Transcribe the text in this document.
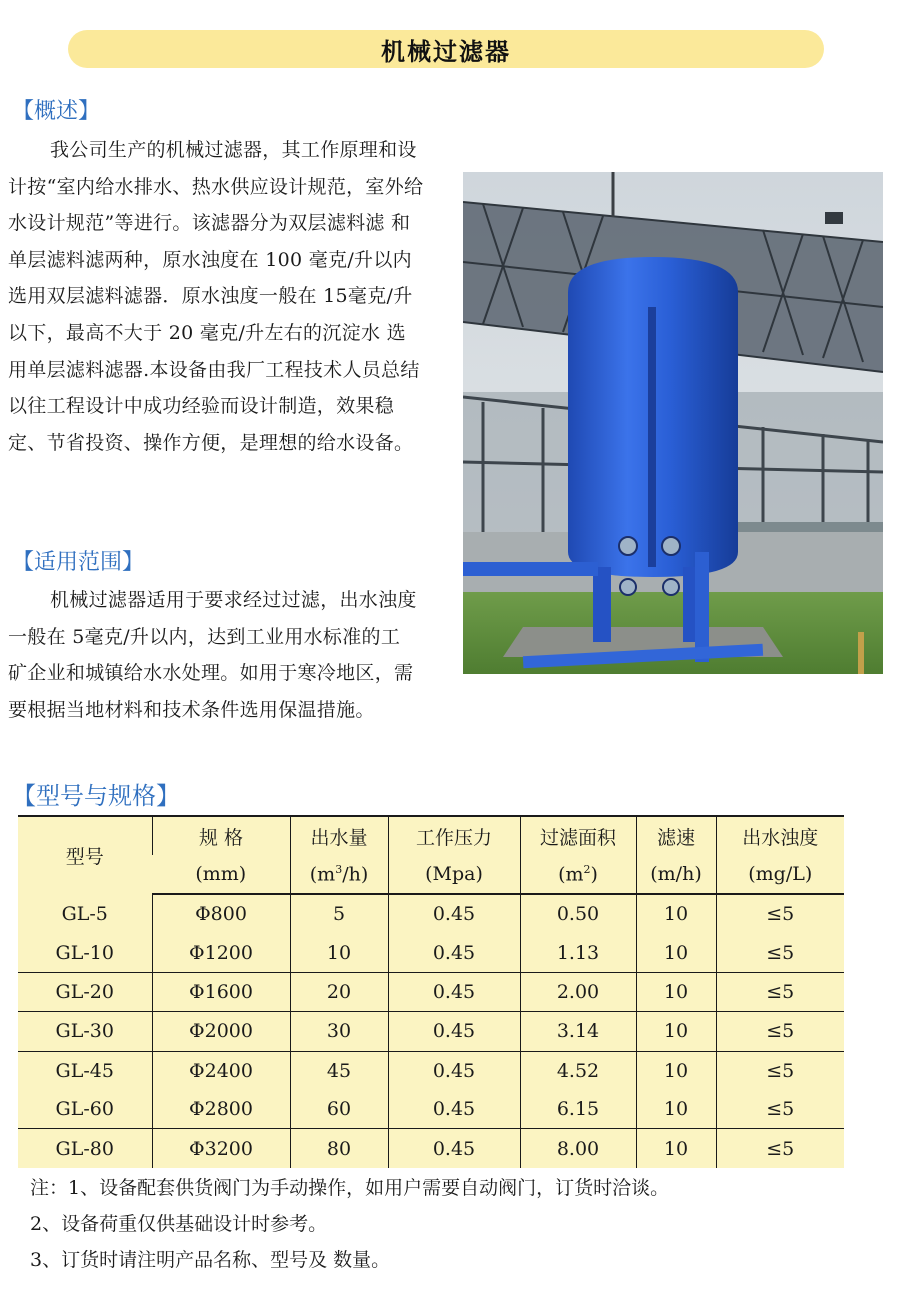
机械过滤器
【概述】

我公司生产的机械过滤器，其工作原理和设计按“室内给水排水、热水供应设计规范，室外给水设计规范”等进行。该滤器分为双层滤料滤 和单层滤料滤两种，原水浊度在 100 毫克/升以内选用双层滤料滤器．原水浊度一般在 15毫克/升以下，最高不大于 20 毫克/升左右的沉淀水 选用单层滤料滤器.本设备由我厂工程技术人员总结以往工程设计中成功经验而设计制造，效果稳定、节省投资、操作方便，是理想的给水设备。

【适用范围】

机械过滤器适用于要求经过过滤，出水浊度一般在 5毫克/升以内，达到工业用水标准的工矿企业和城镇给水水处理。如用于寒冷地区，需要根据当地材料和技术条件选用保温措施。

【型号与规格】
型号	规 格	出水量	工作压力	过滤面积	滤速	出水浊度
	(mm)	$(m^3/h)$	(Mpa)	$(m^2)$	(m/h)	(mg/L)
GL-5	Φ800	5	0.45	0.50	10	≤5
GL-10	Φ1200	10	0.45	1.13	10	≤5
GL-20	Φ1600	20	0.45	2.00	10	≤5
GL-30	Φ2000	30	0.45	3.14	10	≤5
GL-45	Φ2400	45	0.45	4.52	10	≤5
GL-60	Φ2800	60	0.45	6.15	10	≤5
GL-80	Φ3200	80	0.45	8.00	10	≤5
注：1、设备配套供货阀门为手动操作，如用户需要自动阀门，订货时洽谈。
2、设备荷重仅供基础设计时参考。
3、订货时请注明产品名称、型号及 数量。
